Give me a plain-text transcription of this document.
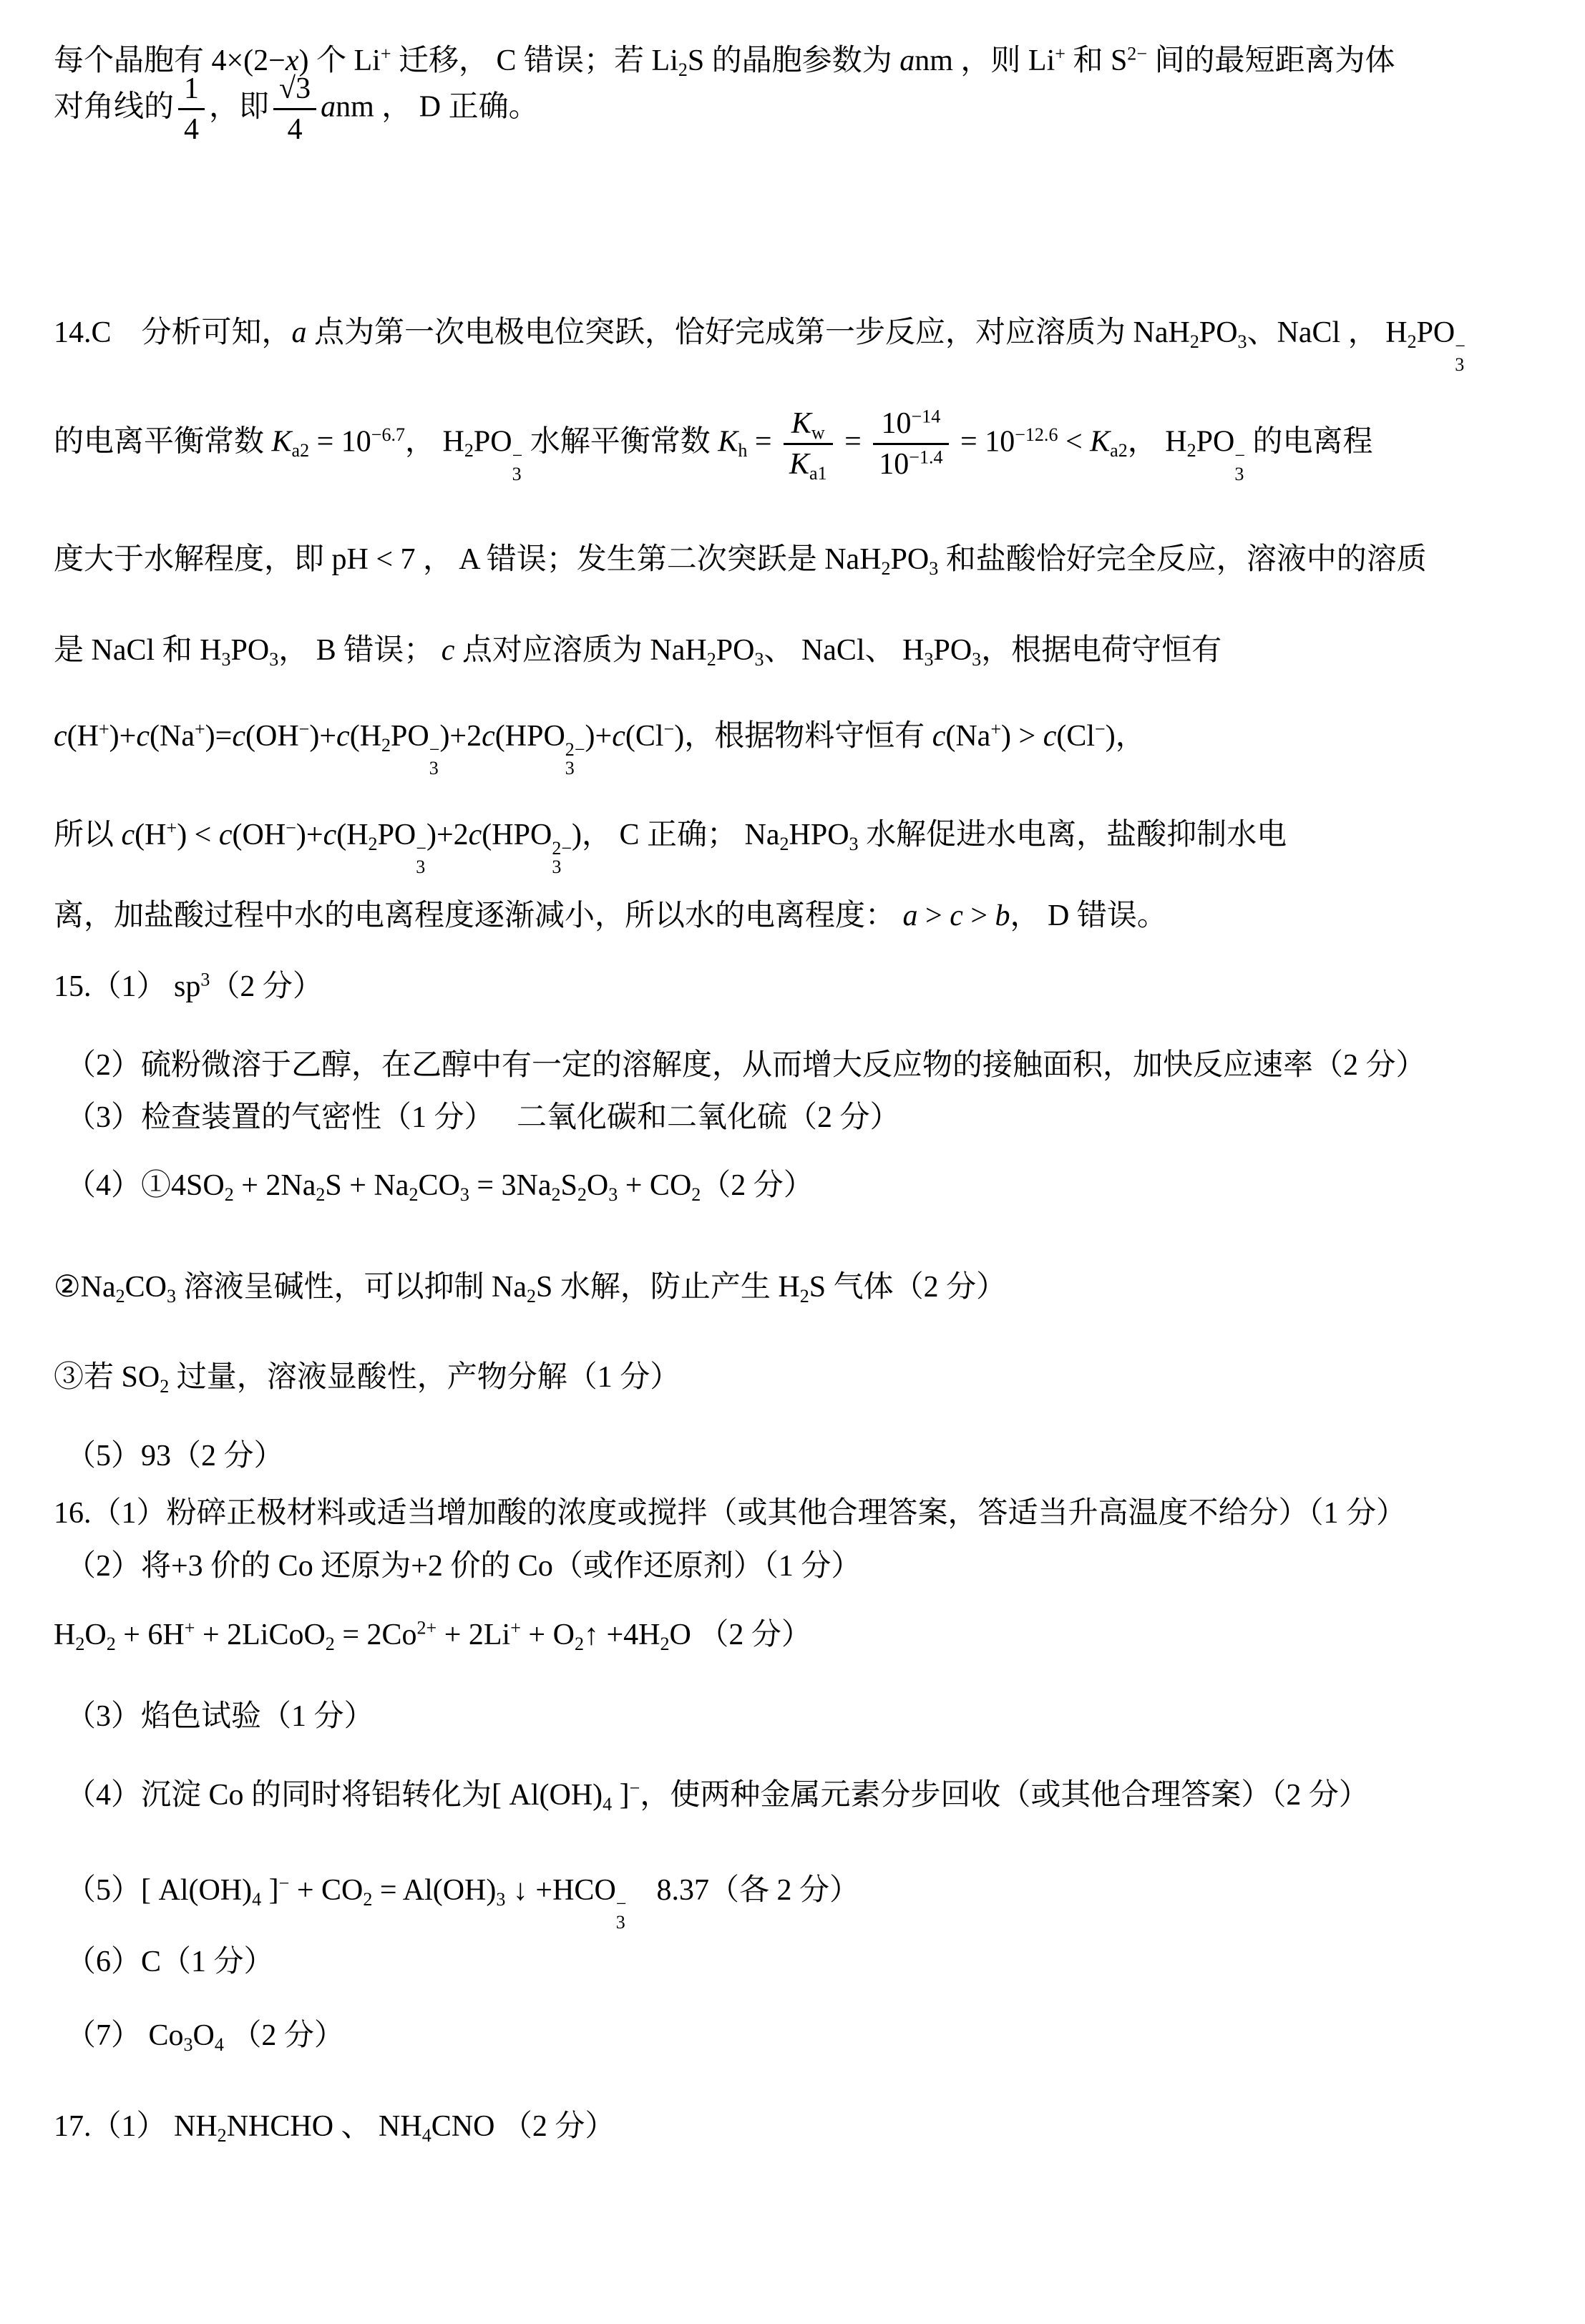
每个晶胞有 4×(2−x) 个 Li+ 迁移， C 错误；若 $Li_2S$ 的晶胞参数为 anm ，则 Li+ 和 $S^{2-}$ 间的最短距离为体
对角线的 $\frac{1}{4}$ ，即 $\frac{√3}{4}$ anm ， D 正确。
14.C　分析可知，a 点为第一次电极电位突跃，恰好完成第一步反应，对应溶质为 $NaH_2PO_3$、NaCl ， $H_2PO$ −
3
的电离平衡常数 $K_{a2} = 10^{-6.7}$， $H_2PO$ −
3
水解平衡常数 $K_h = \frac{K_w}{K_{a1}} = \frac{10^{-14}}{10^{-1.4}} = 10^{-12.6} < K_{a2}$， $H_2PO$ −
3
的电离程
度大于水解程度，即 pH < 7 ， A 错误；发生第二次突跃是 $NaH_2PO_3$ 和盐酸恰好完全反应，溶液中的溶质
是 NaCl 和 $H_3PO_3$， B 错误； c 点对应溶质为 $NaH_2PO_3$、 NaCl、 $H_3PO_3$，根据电荷守恒有
$c(H^+)+c(Na^+)=c(OH^-)+c(H_2PO$ −
3
)+2c(HPO 2−
3
)+c(Cl−)，根据物料守恒有 c(Na+) > c(Cl−)，
所以 $c(H^+) < c(OH^-)+c(H_2PO$ −
3
)+2c(HPO 2−
3
)， C 正确； $Na_2HPO_3$ 水解促进水电离，盐酸抑制水电
离，加盐酸过程中水的电离程度逐渐减小，所以水的电离程度： a > c > b， D 错误。
15.（1） $sp^3(2$ 分）
（2）硫粉微溶于乙醇，在乙醇中有一定的溶解度，从而增大反应物的接触面积，加快反应速率（2 分）
（3）检查装置的气密性（1 分）　 二氧化碳和二氧化硫（2 分）
$(4)①4SO_2 + 2Na_2S + Na_2CO_3 = 3Na_2S_2O_3 + CO_2(2$ 分）
$②Na_2CO_3$ 溶液呈碱性，可以抑制 $Na_2S$ 水解，防止产生 $H_2S$ 气体（2 分）
③若 $SO_2$ 过量，溶液显酸性，产物分解（1 分）
（5）93（2 分）
16.（1）粉碎正极材料或适当增加酸的浓度或搅拌（或其他合理答案，答适当升高温度不给分）（1 分）
（2）将+3 价的 Co 还原为+2 价的 Co（或作还原剂）（1 分）
$H_2O_2 + 6H^+$ + 2LiCoO$_2$ = $2Co^{2+} + 2Li^+$ + $O_2↑ +4H_2O$ （2 分）
（3）焰色试验（1 分）
（4）沉淀 Co 的同时将铝转化为[ $Al(OH)_4$ ]−，使两种金属元素分步回收（或其他合理答案）（2 分）
（5）[ $Al(OH)_4$ ]$^- + CO_2 = Al(OH)_3$ ↓ +HCO −
3
　8.37（各 2 分）
（6）C（1 分）
（7） $Co_3O_4$ （2 分）
17.（1） $NH_2NHCHO$ 、 $NH_4CNO$ （2 分）
